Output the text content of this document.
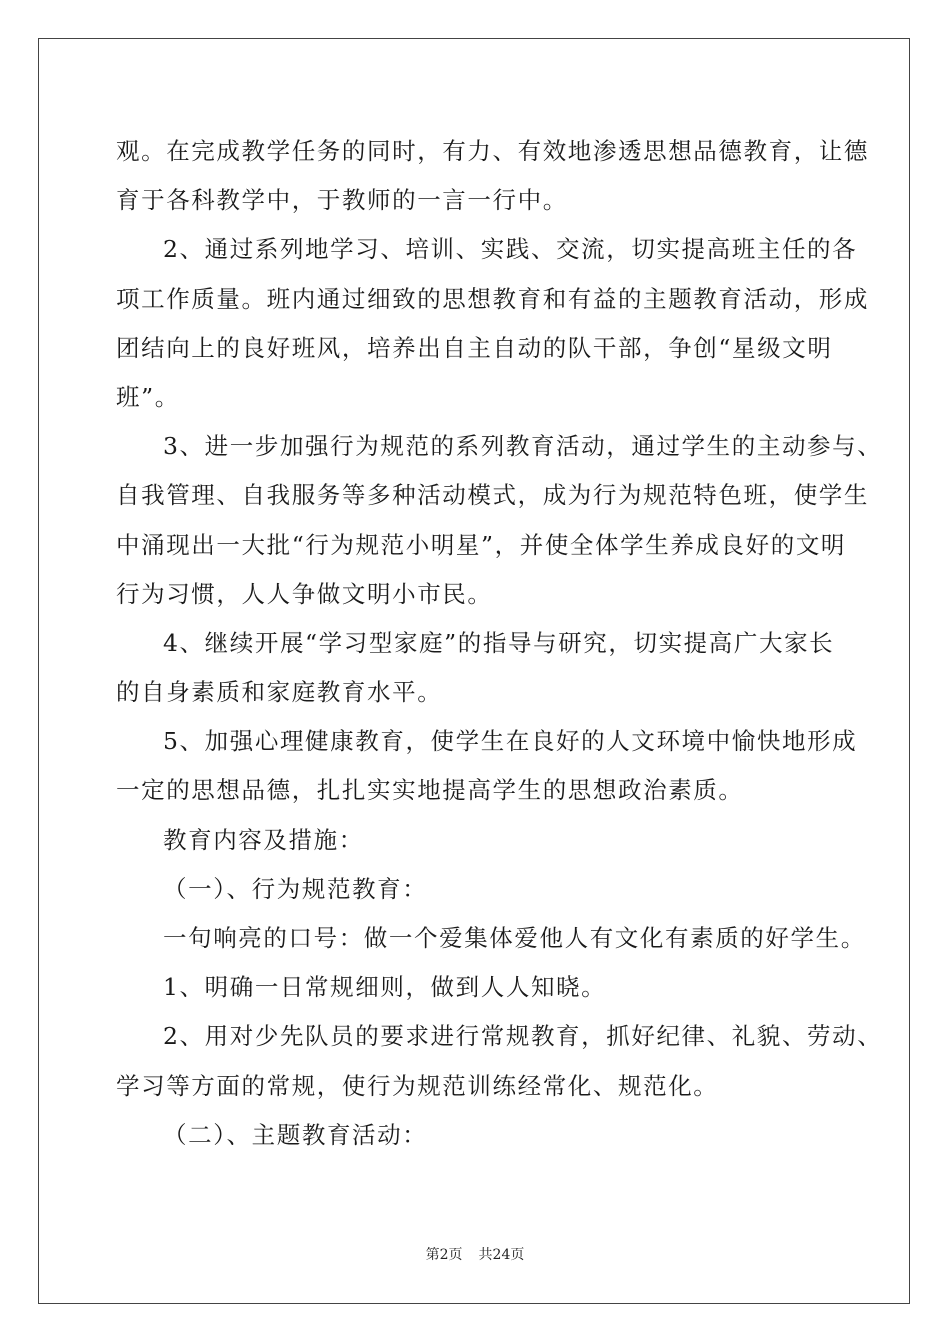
观。在完成教学任务的同时，有力、有效地渗透思想品德教育，让德
育于各科教学中，于教师的一言一行中。
2、通过系列地学习、培训、实践、交流，切实提高班主任的各
项工作质量。班内通过细致的思想教育和有益的主题教育活动，形成
团结向上的良好班风，培养出自主自动的队干部，争创“星级文明
班”。
3、进一步加强行为规范的系列教育活动，通过学生的主动参与、
自我管理、自我服务等多种活动模式，成为行为规范特色班，使学生
中涌现出一大批“行为规范小明星”，并使全体学生养成良好的文明
行为习惯，人人争做文明小市民。
4、继续开展“学习型家庭”的指导与研究，切实提高广大家长
的自身素质和家庭教育水平。
5、加强心理健康教育，使学生在良好的人文环境中愉快地形成
一定的思想品德，扎扎实实地提高学生的思想政治素质。
教育内容及措施：
（一）、行为规范教育：
一句响亮的口号：做一个爱集体爱他人有文化有素质的好学生。
1、明确一日常规细则，做到人人知晓。
2、用对少先队员的要求进行常规教育，抓好纪律、礼貌、劳动、
学习等方面的常规，使行为规范训练经常化、规范化。
（二）、主题教育活动：
第2页 共24页
